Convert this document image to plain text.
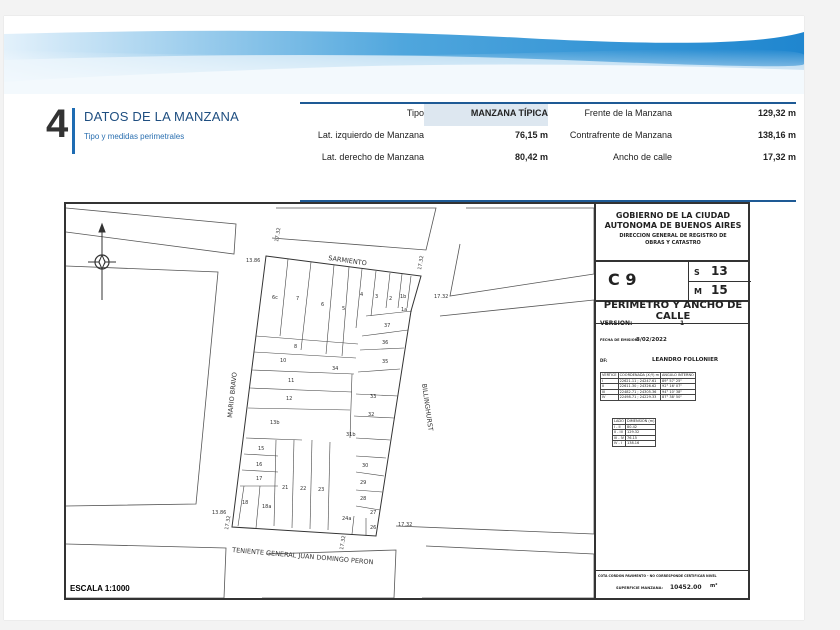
4 DATOS DE LA MANZANA
Tipo y medidas perimetrales
Tipo	MANZANA TÍPICA	Frente de la Manzana	129,32 m
Lat. izquierdo de Manzana	76,15 m Contrafrente de Manzana	138,16 m
Lat. derecho de Manzana	80,42 m	Ancho de calle	17,32 m
6c	7
6
5
4 3 2 1b
1a
37
8
36
10
34
35
11
12	33
32
13b
31b
15
16
17
30
21 22 23
29
28
18
18a
27
24a
26
17.32
13.86	17.32
17.32
13.86
17.32
17.32
17.32
SARMIENTO
MARIO BRAVO	BILLINGHURST
TENIENTE GENERAL JUAN DOMINGO PERON
ESCALA 1:1000
GOBIERNO DE LA CIUDAD
AUTONOMA DE BUENOS AIRES
DIRECCION GENERAL DE REGISTRO DE
OBRAS Y CATASTRO
C 9	S 13
M 15
PERIMETRO Y ANCHO DE CALLE
VERSION:	1
FECHA DE EMISION:
8/02/2022
DF:	LEANDRO FOLLONIER
VERTICE	COORDENADA (X;Y) m	ANGULO INTERNO
I	22621.11 ; 24247.61	89° 57' 25"
II	22611.30 ; 24326.62	92° 16' 07"
III	22482.71 ; 24305.36	94° 10' 38"
IV	22498.71 ; 24229.33	87° 38' 50"
LADO	DIMENSION (m)
I - II	80.42
II - III	129.32
III - IV	76.15
IV - I	138.16
COTA CORDON PAVIMENTO - NO CORRESPONDE CERTIFICAR NIVEL
SUPERFICIE MANZANA: 10452.00 m²
